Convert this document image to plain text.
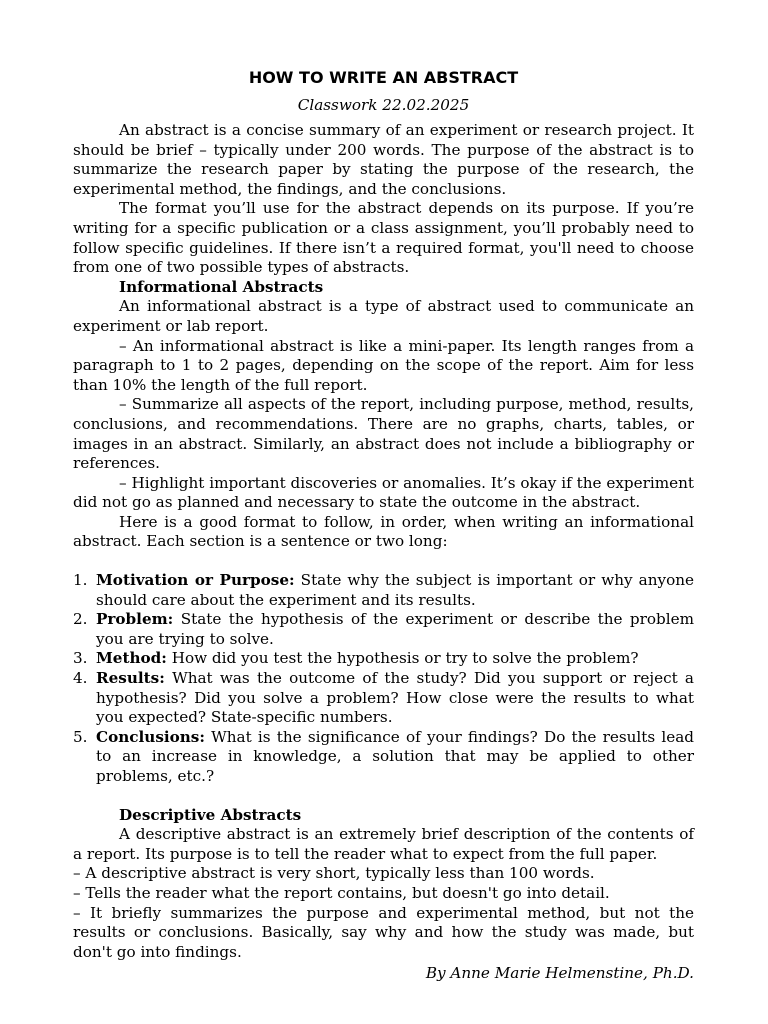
HOW TO WRITE AN ABSTRACT
Classwork 22.02.2025

An abstract is a concise summary of an experiment or research project. It should be brief – typically under 200 words. The purpose of the abstract is to summarize the research paper by stating the purpose of the research, the experimental method, the findings, and the conclusions.

The format you’ll use for the abstract depends on its purpose. If you’re writing for a specific publication or a class assignment, you’ll probably need to follow specific guidelines. If there isn’t a required format, you'll need to choose from one of two possible types of abstracts.

Informational Abstracts

An informational abstract is a type of abstract used to communicate an experiment or lab report.

– An informational abstract is like a mini-paper. Its length ranges from a paragraph to 1 to 2 pages, depending on the scope of the report. Aim for less than 10% the length of the full report.

– Summarize all aspects of the report, including purpose, method, results, conclusions, and recommendations. There are no graphs, charts, tables, or images in an abstract. Similarly, an abstract does not include a bibliography or references.

– Highlight important discoveries or anomalies. It’s okay if the experiment did not go as planned and necessary to state the outcome in the abstract.

Here is a good format to follow, in order, when writing an informational abstract. Each section is a sentence or two long:

1. Motivation or Purpose: State why the subject is important or why anyone should care about the experiment and its results.
2. Problem: State the hypothesis of the experiment or describe the problem you are trying to solve.
3. Method: How did you test the hypothesis or try to solve the problem?
4. Results: What was the outcome of the study? Did you support or reject a hypothesis? Did you solve a problem? How close were the results to what you expected? State-specific numbers.
5. Conclusions: What is the significance of your findings? Do the results lead to an increase in knowledge, a solution that may be applied to other problems, etc.?

Descriptive Abstracts

A descriptive abstract is an extremely brief description of the contents of a report. Its purpose is to tell the reader what to expect from the full paper.

– A descriptive abstract is very short, typically less than 100 words.

– Tells the reader what the report contains, but doesn't go into detail.

– It briefly summarizes the purpose and experimental method, but not the results or conclusions. Basically, say why and how the study was made, but don't go into findings.

By Anne Marie Helmenstine, Ph.D.
